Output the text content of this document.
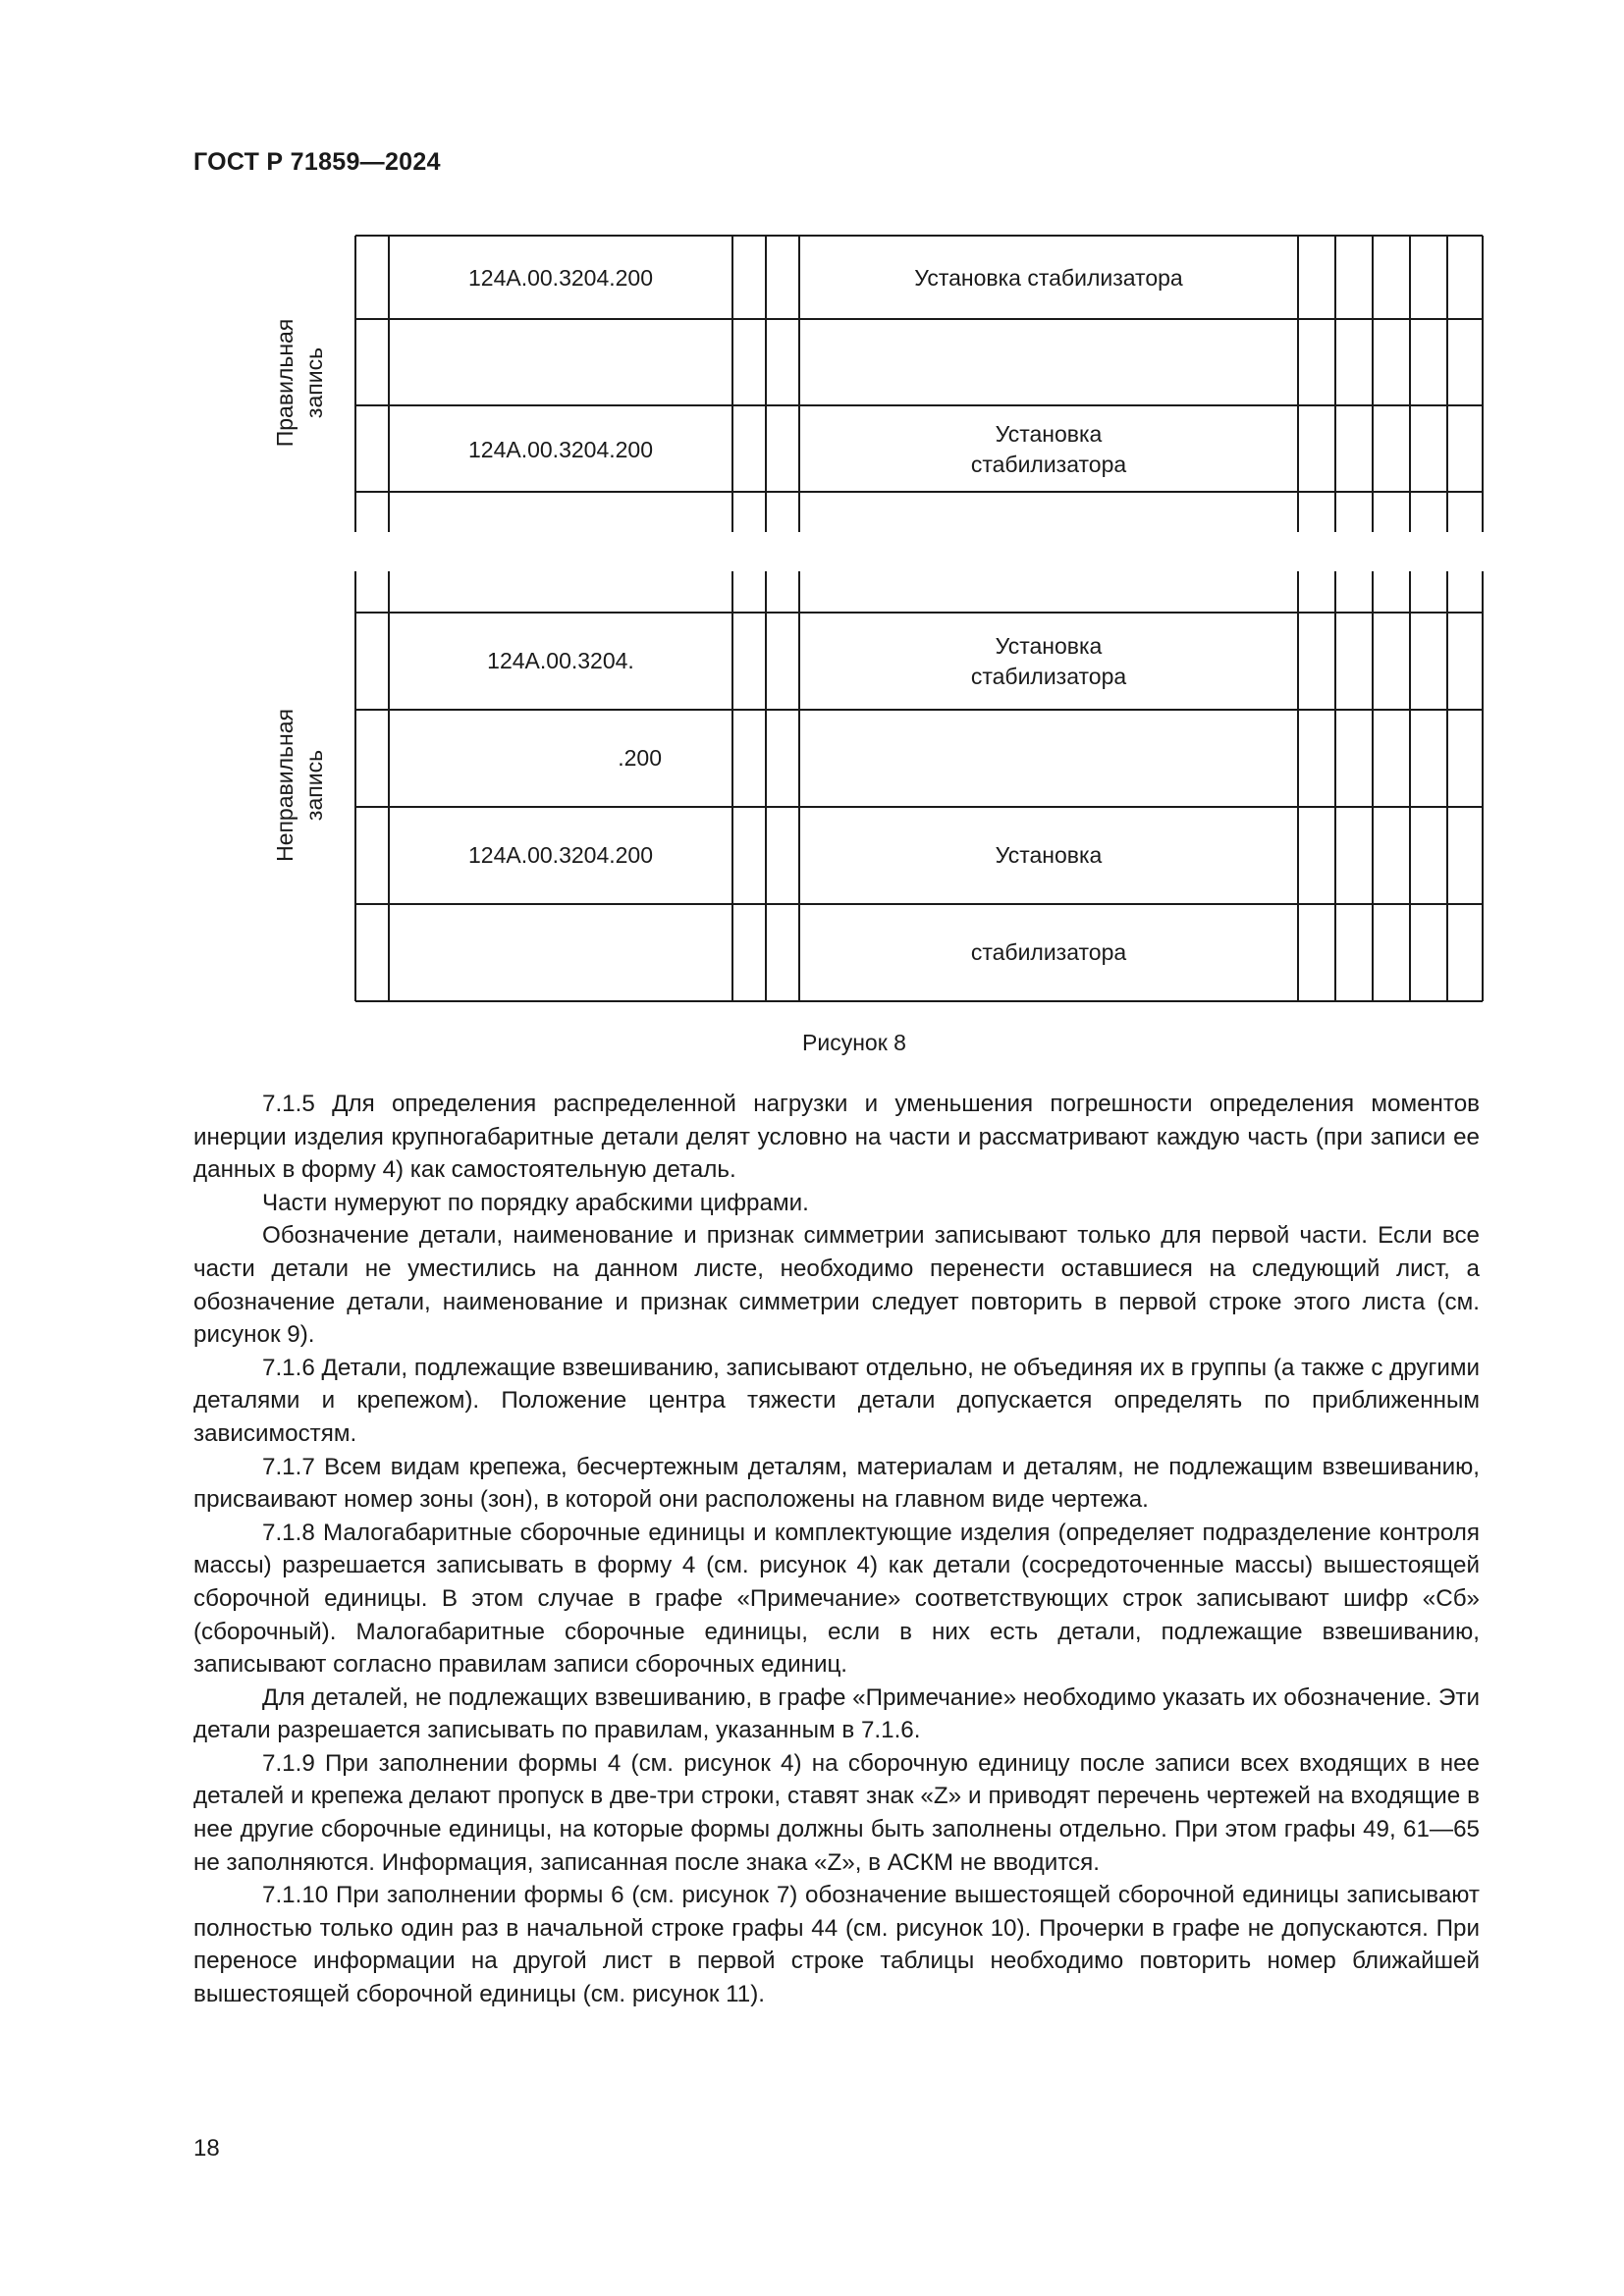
ГОСТ Р 71859—2024
124А.00.3204.200	Установка стабилизатора
124А.00.3204.200
Установка
стабилизатора
Правильная запись
124А.00.3204.
Установка
стабилизатора
.200
124А.00.3204.200	Установка
стабилизатора
Неправильная запись
Рисунок 8

7.1.5 Для определения распределенной нагрузки и уменьшения погрешности определения моментов инерции изделия крупногабаритные детали делят условно на части и рассматривают каждую часть (при записи ее данных в форму 4) как самостоятельную деталь.

Части нумеруют по порядку арабскими цифрами.

Обозначение детали, наименование и признак симметрии записывают только для первой части. Если все части детали не уместились на данном листе, необходимо перенести оставшиеся на следующий лист, а обозначение детали, наименование и признак симметрии следует повторить в первой строке этого листа (см. рисунок 9).

7.1.6 Детали, подлежащие взвешиванию, записывают отдельно, не объединяя их в группы (а также с другими деталями и крепежом). Положение центра тяжести детали допускается определять по приближенным зависимостям.

7.1.7 Всем видам крепежа, бесчертежным деталям, материалам и деталям, не подлежащим взвешиванию, присваивают номер зоны (зон), в которой они расположены на главном виде чертежа.

7.1.8 Малогабаритные сборочные единицы и комплектующие изделия (определяет подразделение контроля массы) разрешается записывать в форму 4 (см. рисунок 4) как детали (сосредоточенные массы) вышестоящей сборочной единицы. В этом случае в графе «Примечание» соответствующих строк записывают шифр «Сб» (сборочный). Малогабаритные сборочные единицы, если в них есть детали, подлежащие взвешиванию, записывают согласно правилам записи сборочных единиц.

Для деталей, не подлежащих взвешиванию, в графе «Примечание» необходимо указать их обозначение. Эти детали разрешается записывать по правилам, указанным в 7.1.6.

7.1.9 При заполнении формы 4 (см. рисунок 4) на сборочную единицу после записи всех входящих в нее деталей и крепежа делают пропуск в две-три строки, ставят знак «Z» и приводят перечень чертежей на входящие в нее другие сборочные единицы, на которые формы должны быть заполнены отдельно. При этом графы 49, 61—65 не заполняются. Информация, записанная после знака «Z», в АСКМ не вводится.

7.1.10 При заполнении формы 6 (см. рисунок 7) обозначение вышестоящей сборочной единицы записывают полностью только один раз в начальной строке графы 44 (см. рисунок 10). Прочерки в графе не допускаются. При переносе информации на другой лист в первой строке таблицы необходимо повторить номер ближайшей вышестоящей сборочной единицы (см. рисунок 11).

18
